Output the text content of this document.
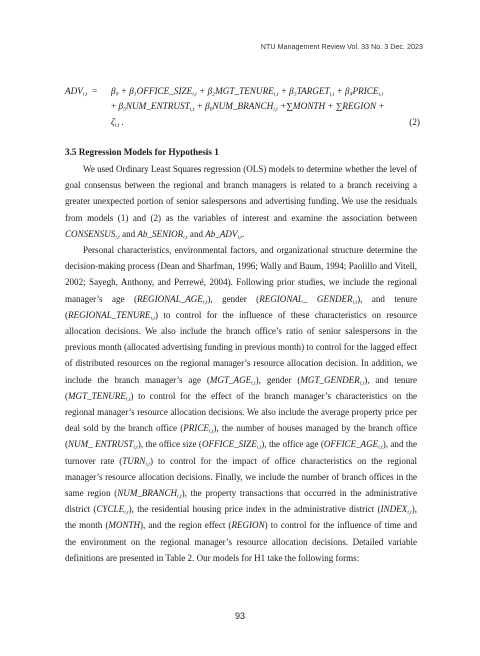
NTU Management Review Vol. 33 No. 3 Dec. 2023
$ADV_{i,t} = \beta_0$ + $\beta_1OFFICE\_SIZE_{i,t}$ + $\beta_2MGT\_TENURE_{i,t}$ + $\beta_3TARGET_{i,t}$ + $\beta_4PRICE_{i,t}$
+ $\beta_5NUM\_ENTRUST_{i,t}$ + $\beta_6NUM\_BRANCH_{i,t}$ +∑MONTH + ∑REGION +
$\zeta_{i,t}$ .	(2)
3.5 Regression Models for Hypothesis 1

We used Ordinary Least Squares regression (OLS) models to determine whether the level of goal consensus between the regional and branch managers is related to a branch receiving a greater unexpected portion of senior salespersons and advertising funding. We use the residuals from models (1) and (2) as the variables of interest and examine the association between $CONSENSUS_{i,t}$ and $Ab\_SENIOR_{i,t}$ and $Ab\_ADV_{i,t}$.

Personal characteristics, environmental factors, and organizational structure determine the decision-making process (Dean and Sharfman, 1996; Wally and Baum, 1994; Paolillo and Vitell, 2002; Sayegh, Anthony, and Perrewé, 2004). Following prior studies, we include the regional manager’s age $(REGIONAL\_AGE_{i,t})$, gender (REGIONAL_ $GENDER_{i,t}$), and tenure $(REGIONAL\_TENURE_{i,t})$ to control for the influence of these characteristics on resource allocation decisions. We also include the branch office’s ratio of senior salespersons in the previous month (allocated advertising funding in previous month) to control for the lagged effect of distributed resources on the regional manager’s resource allocation decision. In addition, we include the branch manager’s age $(MGT\_AGE_{i,t})$, gender $(MGT\_GENDER_{i,t})$, and tenure $(MGT\_TENURE_{i,t})$ to control for the effect of the branch manager’s characteristics on the regional manager’s resource allocation decisions. We also include the average property price per deal sold by the branch office $(PRICE_{i,t})$, the number of houses managed by the branch office (NUM_ $ENTRUST_{i,t}$), the office size $(OFFICE\_SIZE_{i,t})$, the office age $(OFFICE\_AGE_{i,t})$, and the turnover rate $(TURN_{i,t})$ to control for the impact of office characteristics on the regional manager’s resource allocation decisions. Finally, we include the number of branch offices in the same region $(NUM\_BRANCH_{i,t})$, the property transactions that occurred in the administrative district $(CYCLE_{i,t})$, the residential housing price index in the administrative district $(INDEX_{i,t})$, the month (MONTH), and the region effect (REGION) to control for the influence of time and the environment on the regional manager’s resource allocation decisions. Detailed variable definitions are presented in Table 2. Our models for H1 take the following forms:

93
